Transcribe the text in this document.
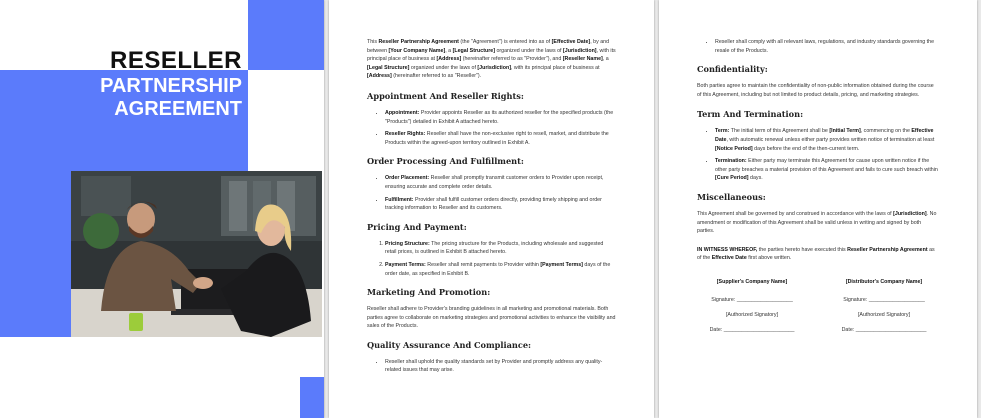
RESELLER
PARTNERSHIP
AGREEMENT

This Reseller Partnership Agreement (the "Agreement") is entered into as of [Effective Date], by and between [Your Company Name], a [Legal Structure] organized under the laws of [Jurisdiction], with its principal place of business at [Address] (hereinafter referred to as "Provider"), and [Reseller Name], a [Legal Structure] organized under the laws of [Jurisdiction], with its principal place of business at [Address] (hereinafter referred to as "Reseller").

Appointment And Reseller Rights:
• Appointment: Provider appoints Reseller as its authorized reseller for the specified products (the "Products") detailed in Exhibit A attached hereto.
• Reseller Rights: Reseller shall have the non-exclusive right to resell, market, and distribute the Products within the agreed-upon territory outlined in Exhibit A.
Order Processing And Fulfillment:
• Order Placement: Reseller shall promptly transmit customer orders to Provider upon receipt, ensuring accurate and complete order details.
• Fulfillment: Provider shall fulfill customer orders directly, providing timely shipping and order tracking information to Reseller and its customers.
Pricing And Payment:
1. Pricing Structure: The pricing structure for the Products, including wholesale and suggested retail prices, is outlined in Exhibit B attached hereto.
2. Payment Terms: Reseller shall remit payments to Provider within [Payment Terms] days of the order date, as specified in Exhibit B.
Marketing And Promotion:

Reseller shall adhere to Provider's branding guidelines in all marketing and promotional materials. Both parties agree to collaborate on marketing strategies and promotional activities to enhance the visibility and sales of the Products.

Quality Assurance And Compliance:
• Reseller shall uphold the quality standards set by Provider and promptly address any quality-related issues that may arise.
• Reseller shall comply with all relevant laws, regulations, and industry standards governing the resale of the Products.
Confidentiality:

Both parties agree to maintain the confidentiality of non-public information obtained during the course of this Agreement, including but not limited to product details, pricing, and marketing strategies.

Term And Termination:
• Term: The initial term of this Agreement shall be [Initial Term], commencing on the Effective Date, with automatic renewal unless either party provides written notice of termination at least [Notice Period] days before the end of the then-current term.
• Termination: Either party may terminate this Agreement for cause upon written notice if the other party breaches a material provision of this Agreement and fails to cure such breach within [Cure Period] days.
Miscellaneous:

This Agreement shall be governed by and construed in accordance with the laws of [Jurisdiction]. No amendment or modification of this Agreement shall be valid unless in writing and signed by both parties.

IN WITNESS WHEREOF, the parties hereto have executed this Reseller Partnership Agreement as of the Effective Date first above written.

[Supplier's Company Name]
Signature: ___________________
[Authorized Signatory]
Date: ________________________
[Distributor's Company Name]
Signature: ___________________
[Authorized Signatory]
Date: ________________________
